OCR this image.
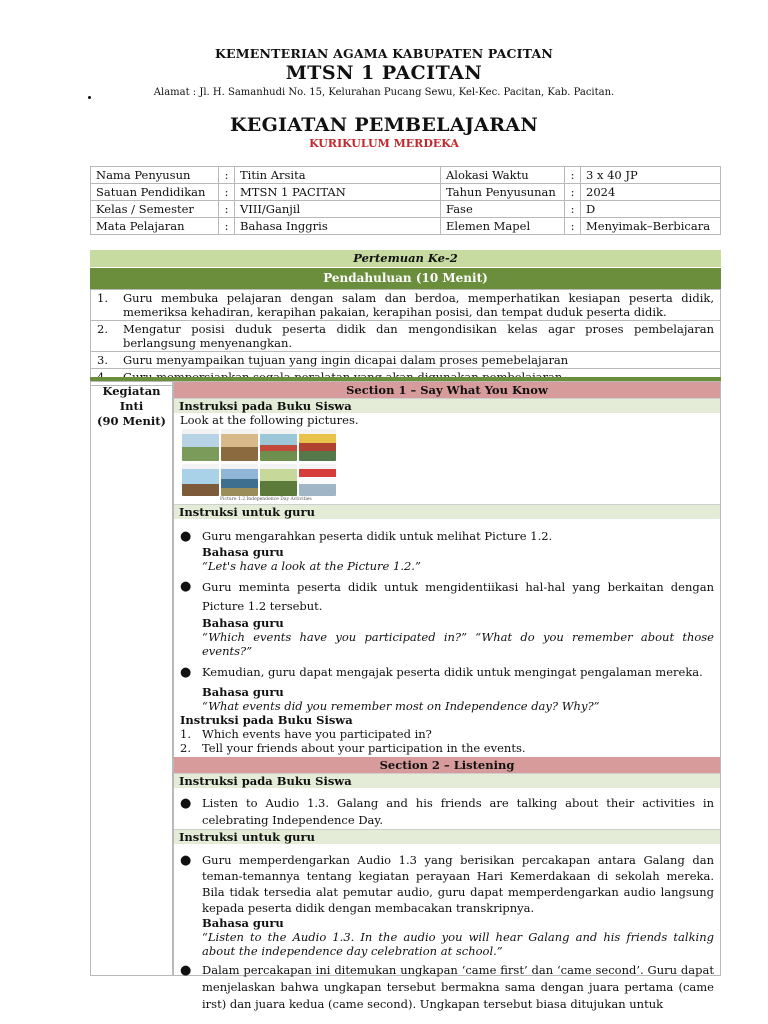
KEMENTERIAN AGAMA KABUPATEN PACITAN
MTSN 1 PACITAN
Alamat : Jl. H. Samanhudi No. 15, Kelurahan Pucang Sewu, Kel-Kec. Pacitan, Kab. Pacitan.
KEGIATAN PEMBELAJARAN
KURIKULUM MERDEKA
Nama Penyusun	:	Titin Arsita	Alokasi Waktu	:	3 x 40 JP
Satuan Pendidikan	:	MTSN 1 PACITAN	Tahun Penyusunan	:	2024
Kelas / Semester	:	VIII/Ganjil	Fase	:	D
Mata Pelajaran	:	Bahasa Inggris	Elemen Mapel	:	Menyimak–Berbicara
Pertemuan Ke-2
Pendahuluan (10 Menit)
1.	Guru membuka pelajaran dengan salam dan berdoa, memperhatikan kesiapan peserta didik, memeriksa kehadiran, kerapihan pakaian, kerapihan posisi, dan tempat duduk peserta didik.
2.	Mengatur posisi duduk peserta didik dan mengondisikan kelas agar proses pembelajaran berlangsung menyenangkan.
3.	Guru menyampaikan tujuan yang ingin dicapai dalam proses pemebelajaran
Kegiatan
Inti
(90 Menit)
Section 1 – Say What You Know
Instruksi pada Buku Siswa
Look at the following pictures.
Picture 1.2 Independence Day Activities
Instruksi untuk guru
● Guru mengarahkan peserta didik untuk melihat Picture 1.2.
Bahasa guru
“Let's have a look at the Picture 1.2.”
● Guru meminta peserta didik untuk mengidentiikasi hal-hal yang berkaitan dengan Picture 1.2 tersebut.
Bahasa guru
“Which events have you participated in?” “What do you remember about those events?”
● Kemudian, guru dapat mengajak peserta didik untuk mengingat pengalaman mereka.
Bahasa guru
“What events did you remember most on Independence day? Why?”
Instruksi pada Buku Siswa
1. Which events have you participated in?
2. Tell your friends about your participation in the events.
Section 2 – Listening
Instruksi pada Buku Siswa
● Listen to Audio 1.3. Galang and his friends are talking about their activities in celebrating Independence Day.
Instruksi untuk guru
● Guru memperdengarkan Audio 1.3 yang berisikan percakapan antara Galang dan teman-temannya tentang kegiatan perayaan Hari Kemerdakaan di sekolah mereka. Bila tidak tersedia alat pemutar audio, guru dapat memperdengarkan audio langsung kepada peserta didik dengan membacakan transkripnya.
Bahasa guru
“Listen to the Audio 1.3. In the audio you will hear Galang and his friends talking about the independence day celebration at school.”
● Dalam percakapan ini ditemukan ungkapan ‘came first’ dan ‘came second’. Guru dapat menjelaskan bahwa ungkapan tersebut bermakna sama dengan juara pertama (came irst) dan juara kedua (came second). Ungkapan tersebut biasa ditujukan untuk
